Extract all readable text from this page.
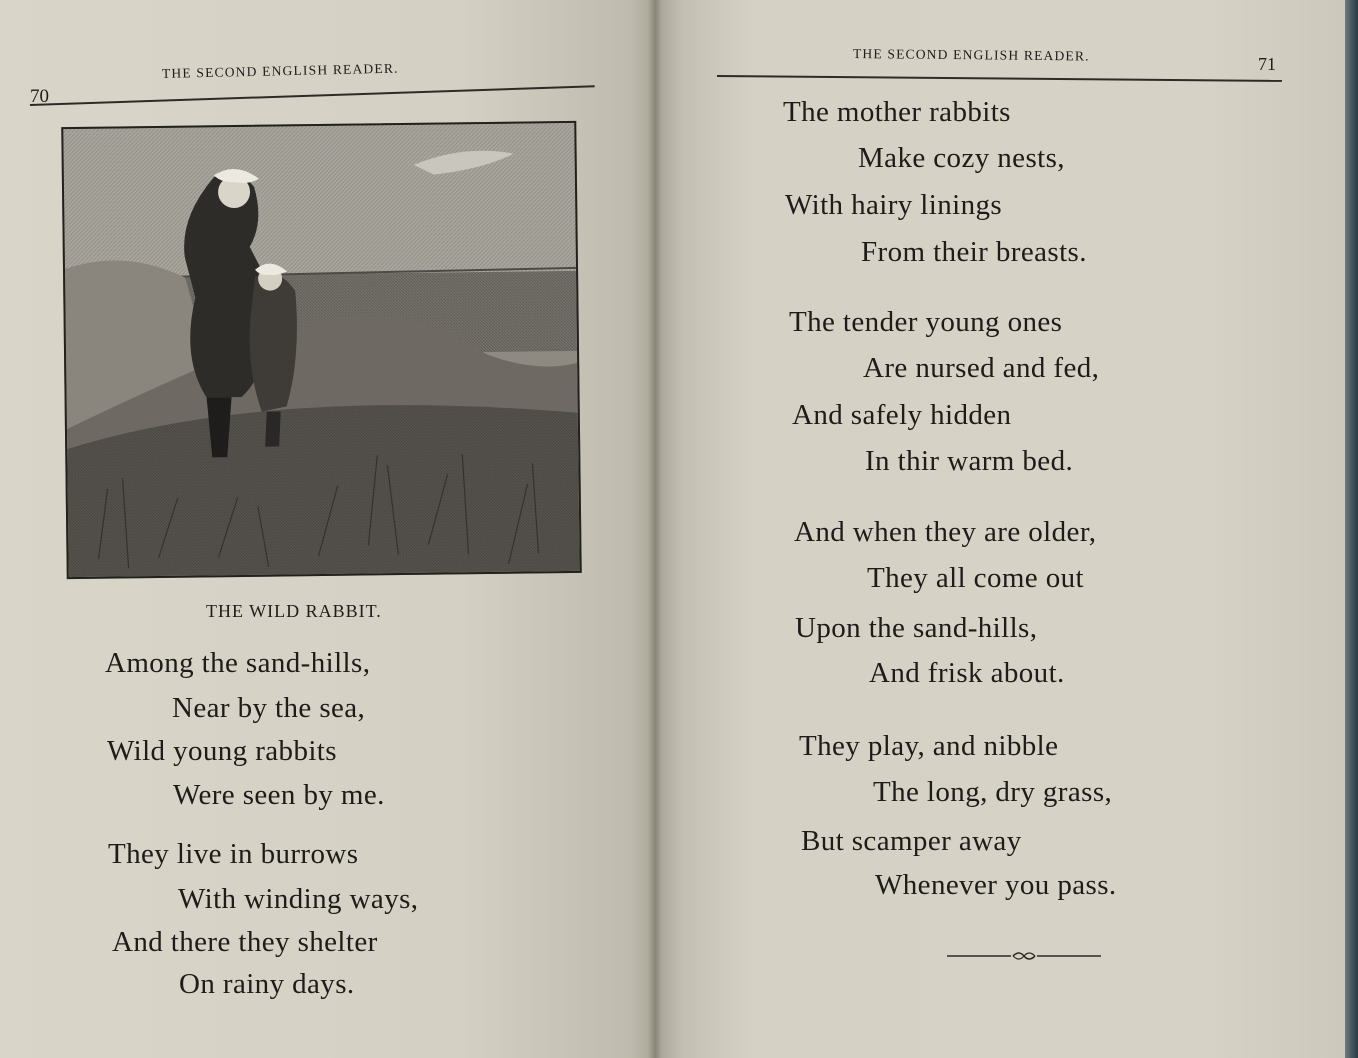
70
THE SECOND ENGLISH READER.
THE WILD RABBIT.
Among the sand-hills,
Near by the sea,
Wild young rabbits
Were seen by me.
They live in burrows
With winding ways,
And there they shelter
On rainy days.
THE SECOND ENGLISH READER.	71
The mother rabbits
Make cozy nests,
With hairy linings
From their breasts.
The tender young ones
Are nursed and fed,
And safely hidden
In thir warm bed.
And when they are older,
They all come out
Upon the sand-hills,
And frisk about.
They play, and nibble
The long, dry grass,
But scamper away
Whenever you pass.
